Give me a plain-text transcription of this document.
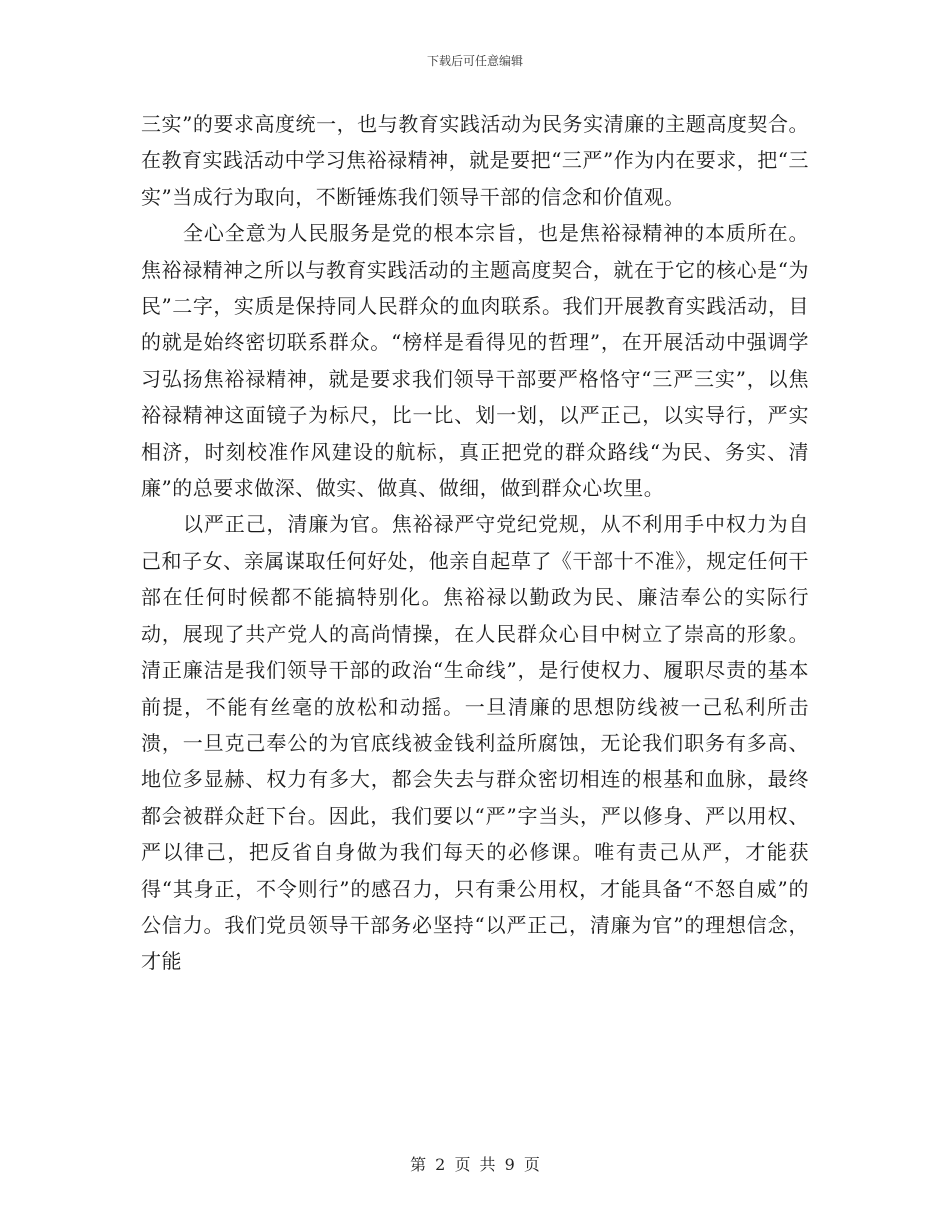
下载后可任意编辑

三实”的要求高度统一，也与教育实践活动为民务实清廉的主题高度契合。在教育实践活动中学习焦裕禄精神，就是要把“三严”作为内在要求，把“三实”当成行为取向，不断锤炼我们领导干部的信念和价值观。

全心全意为人民服务是党的根本宗旨，也是焦裕禄精神的本质所在。焦裕禄精神之所以与教育实践活动的主题高度契合，就在于它的核心是“为民”二字，实质是保持同人民群众的血肉联系。我们开展教育实践活动，目的就是始终密切联系群众。“榜样是看得见的哲理”，在开展活动中强调学习弘扬焦裕禄精神，就是要求我们领导干部要严格恪守“三严三实”，以焦裕禄精神这面镜子为标尺，比一比、划一划，以严正己，以实导行，严实相济，时刻校准作风建设的航标，真正把党的群众路线“为民、务实、清廉”的总要求做深、做实、做真、做细，做到群众心坎里。

以严正己，清廉为官。焦裕禄严守党纪党规，从不利用手中权力为自己和子女、亲属谋取任何好处，他亲自起草了《干部十不准》，规定任何干部在任何时候都不能搞特别化。焦裕禄以勤政为民、廉洁奉公的实际行动，展现了共产党人的高尚情操，在人民群众心目中树立了崇高的形象。清正廉洁是我们领导干部的政治“生命线”，是行使权力、履职尽责的基本前提，不能有丝毫的放松和动摇。一旦清廉的思想防线被一己私利所击溃，一旦克己奉公的为官底线被金钱利益所腐蚀，无论我们职务有多高、地位多显赫、权力有多大，都会失去与群众密切相连的根基和血脉，最终都会被群众赶下台。因此，我们要以“严”字当头，严以修身、严以用权、严以律己，把反省自身做为我们每天的必修课。唯有责己从严，才能获得“其身正，不令则行”的感召力，只有秉公用权，才能具备“不怒自威”的公信力。我们党员领导干部务必坚持“以严正己，清廉为官”的理想信念，才能

第 2 页 共 9 页
